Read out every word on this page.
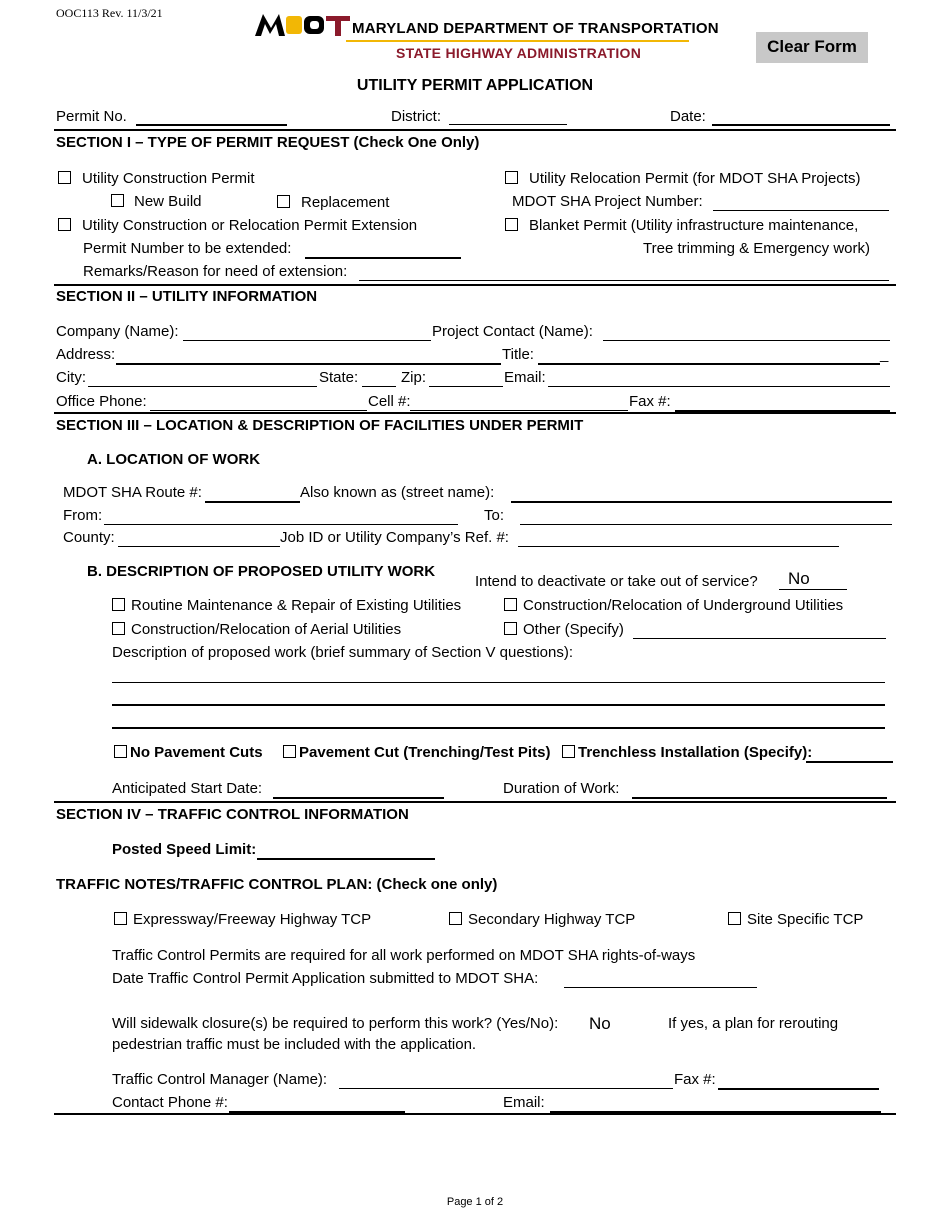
OOC113 Rev. 11/3/21
MARYLAND DEPARTMENT OF TRANSPORTATION
STATE HIGHWAY ADMINISTRATION	Clear Form
UTILITY PERMIT APPLICATION
Permit No.	District:	Date:
SECTION I – TYPE OF PERMIT REQUEST (Check One Only)
Utility Construction Permit
New Build	Replacement
Utility Construction or Relocation Permit Extension
Permit Number to be extended:
Remarks/Reason for need of extension:
Utility Relocation Permit (for MDOT SHA Projects)
MDOT SHA Project Number:
Blanket Permit (Utility infrastructure maintenance,
Tree trimming & Emergency work)
SECTION II – UTILITY INFORMATION
Company (Name):	Project Contact (Name):
Address:	Title:	_
City:	State:	Zip:	Email:
Office Phone:	Cell #:	Fax #:
SECTION III – LOCATION & DESCRIPTION OF FACILITIES UNDER PERMIT
A. LOCATION OF WORK
MDOT SHA Route #:	Also known as (street name):
From:	To:
County:	Job ID or Utility Company’s Ref. #:
B. DESCRIPTION OF PROPOSED UTILITY WORK
Intend to deactivate or take out of service? No
Routine Maintenance & Repair of Existing Utilities	Construction/Relocation of Underground Utilities
Construction/Relocation of Aerial Utilities	Other (Specify)
Description of proposed work (brief summary of Section V questions):
No Pavement Cuts	Pavement Cut (Trenching/Test Pits)	Trenchless Installation (Specify):
Anticipated Start Date:	Duration of Work:
SECTION IV – TRAFFIC CONTROL INFORMATION
Posted Speed Limit:
TRAFFIC NOTES/TRAFFIC CONTROL PLAN: (Check one only)
Expressway/Freeway Highway TCP	Secondary Highway TCP	Site Specific TCP
Traffic Control Permits are required for all work performed on MDOT SHA rights-of-ways
Date Traffic Control Permit Application submitted to MDOT SHA:
Will sidewalk closure(s) be required to perform this work? (Yes/No): No	If yes, a plan for rerouting
pedestrian traffic must be included with the application.
Traffic Control Manager (Name):	Fax #:
Contact Phone #:	Email:
Page 1 of 2
